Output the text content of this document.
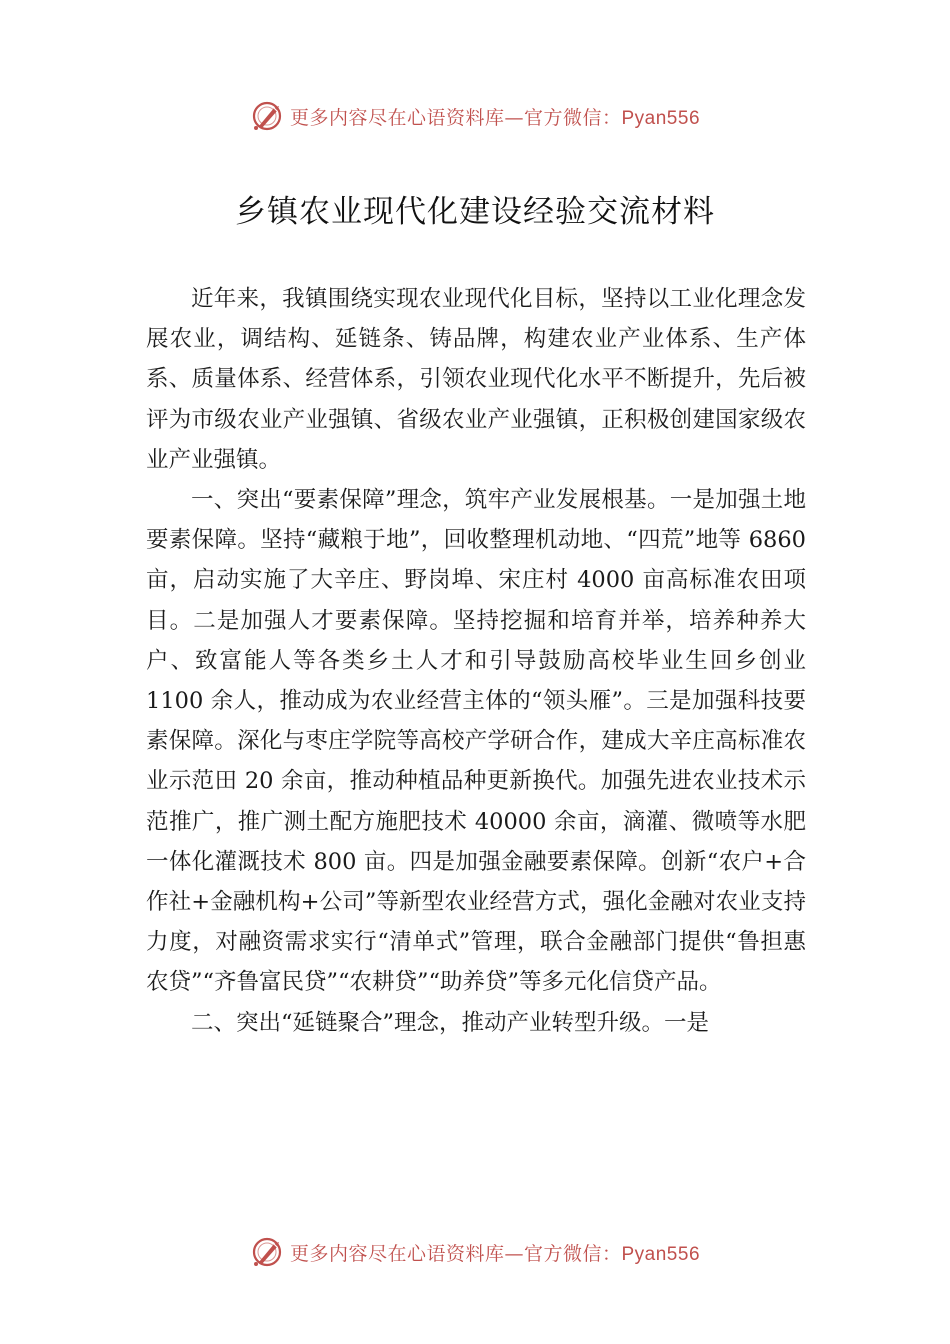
更多内容尽在心语资料库—官方微信：Pyan556
乡镇农业现代化建设经验交流材料

近年来，我镇围绕实现农业现代化目标，坚持以工业化理念发展农业，调结构、延链条、铸品牌，构建农业产业体系、生产体系、质量体系、经营体系，引领农业现代化水平不断提升，先后被评为市级农业产业强镇、省级农业产业强镇，正积极创建国家级农业产业强镇。

一、突出“要素保障”理念，筑牢产业发展根基。一是加强土地要素保障。坚持“藏粮于地”，回收整理机动地、“四荒”地等 6860 亩，启动实施了大辛庄、野岗埠、宋庄村 4000 亩高标准农田项目。二是加强人才要素保障。坚持挖掘和培育并举，培养种养大户、致富能人等各类乡土人才和引导鼓励高校毕业生回乡创业 1100 余人，推动成为农业经营主体的“领头雁”。三是加强科技要素保障。深化与枣庄学院等高校产学研合作，建成大辛庄高标准农业示范田 20 余亩，推动种植品种更新换代。加强先进农业技术示范推广，推广测土配方施肥技术 40000 余亩，滴灌、微喷等水肥一体化灌溉技术 800 亩。四是加强金融要素保障。创新“农户+合作社+金融机构+公司”等新型农业经营方式，强化金融对农业支持力度，对融资需求实行“清单式”管理，联合金融部门提供“鲁担惠农贷”“齐鲁富民贷”“农耕贷”“助养贷”等多元化信贷产品。

二、突出“延链聚合”理念，推动产业转型升级。一是

更多内容尽在心语资料库—官方微信：Pyan556
